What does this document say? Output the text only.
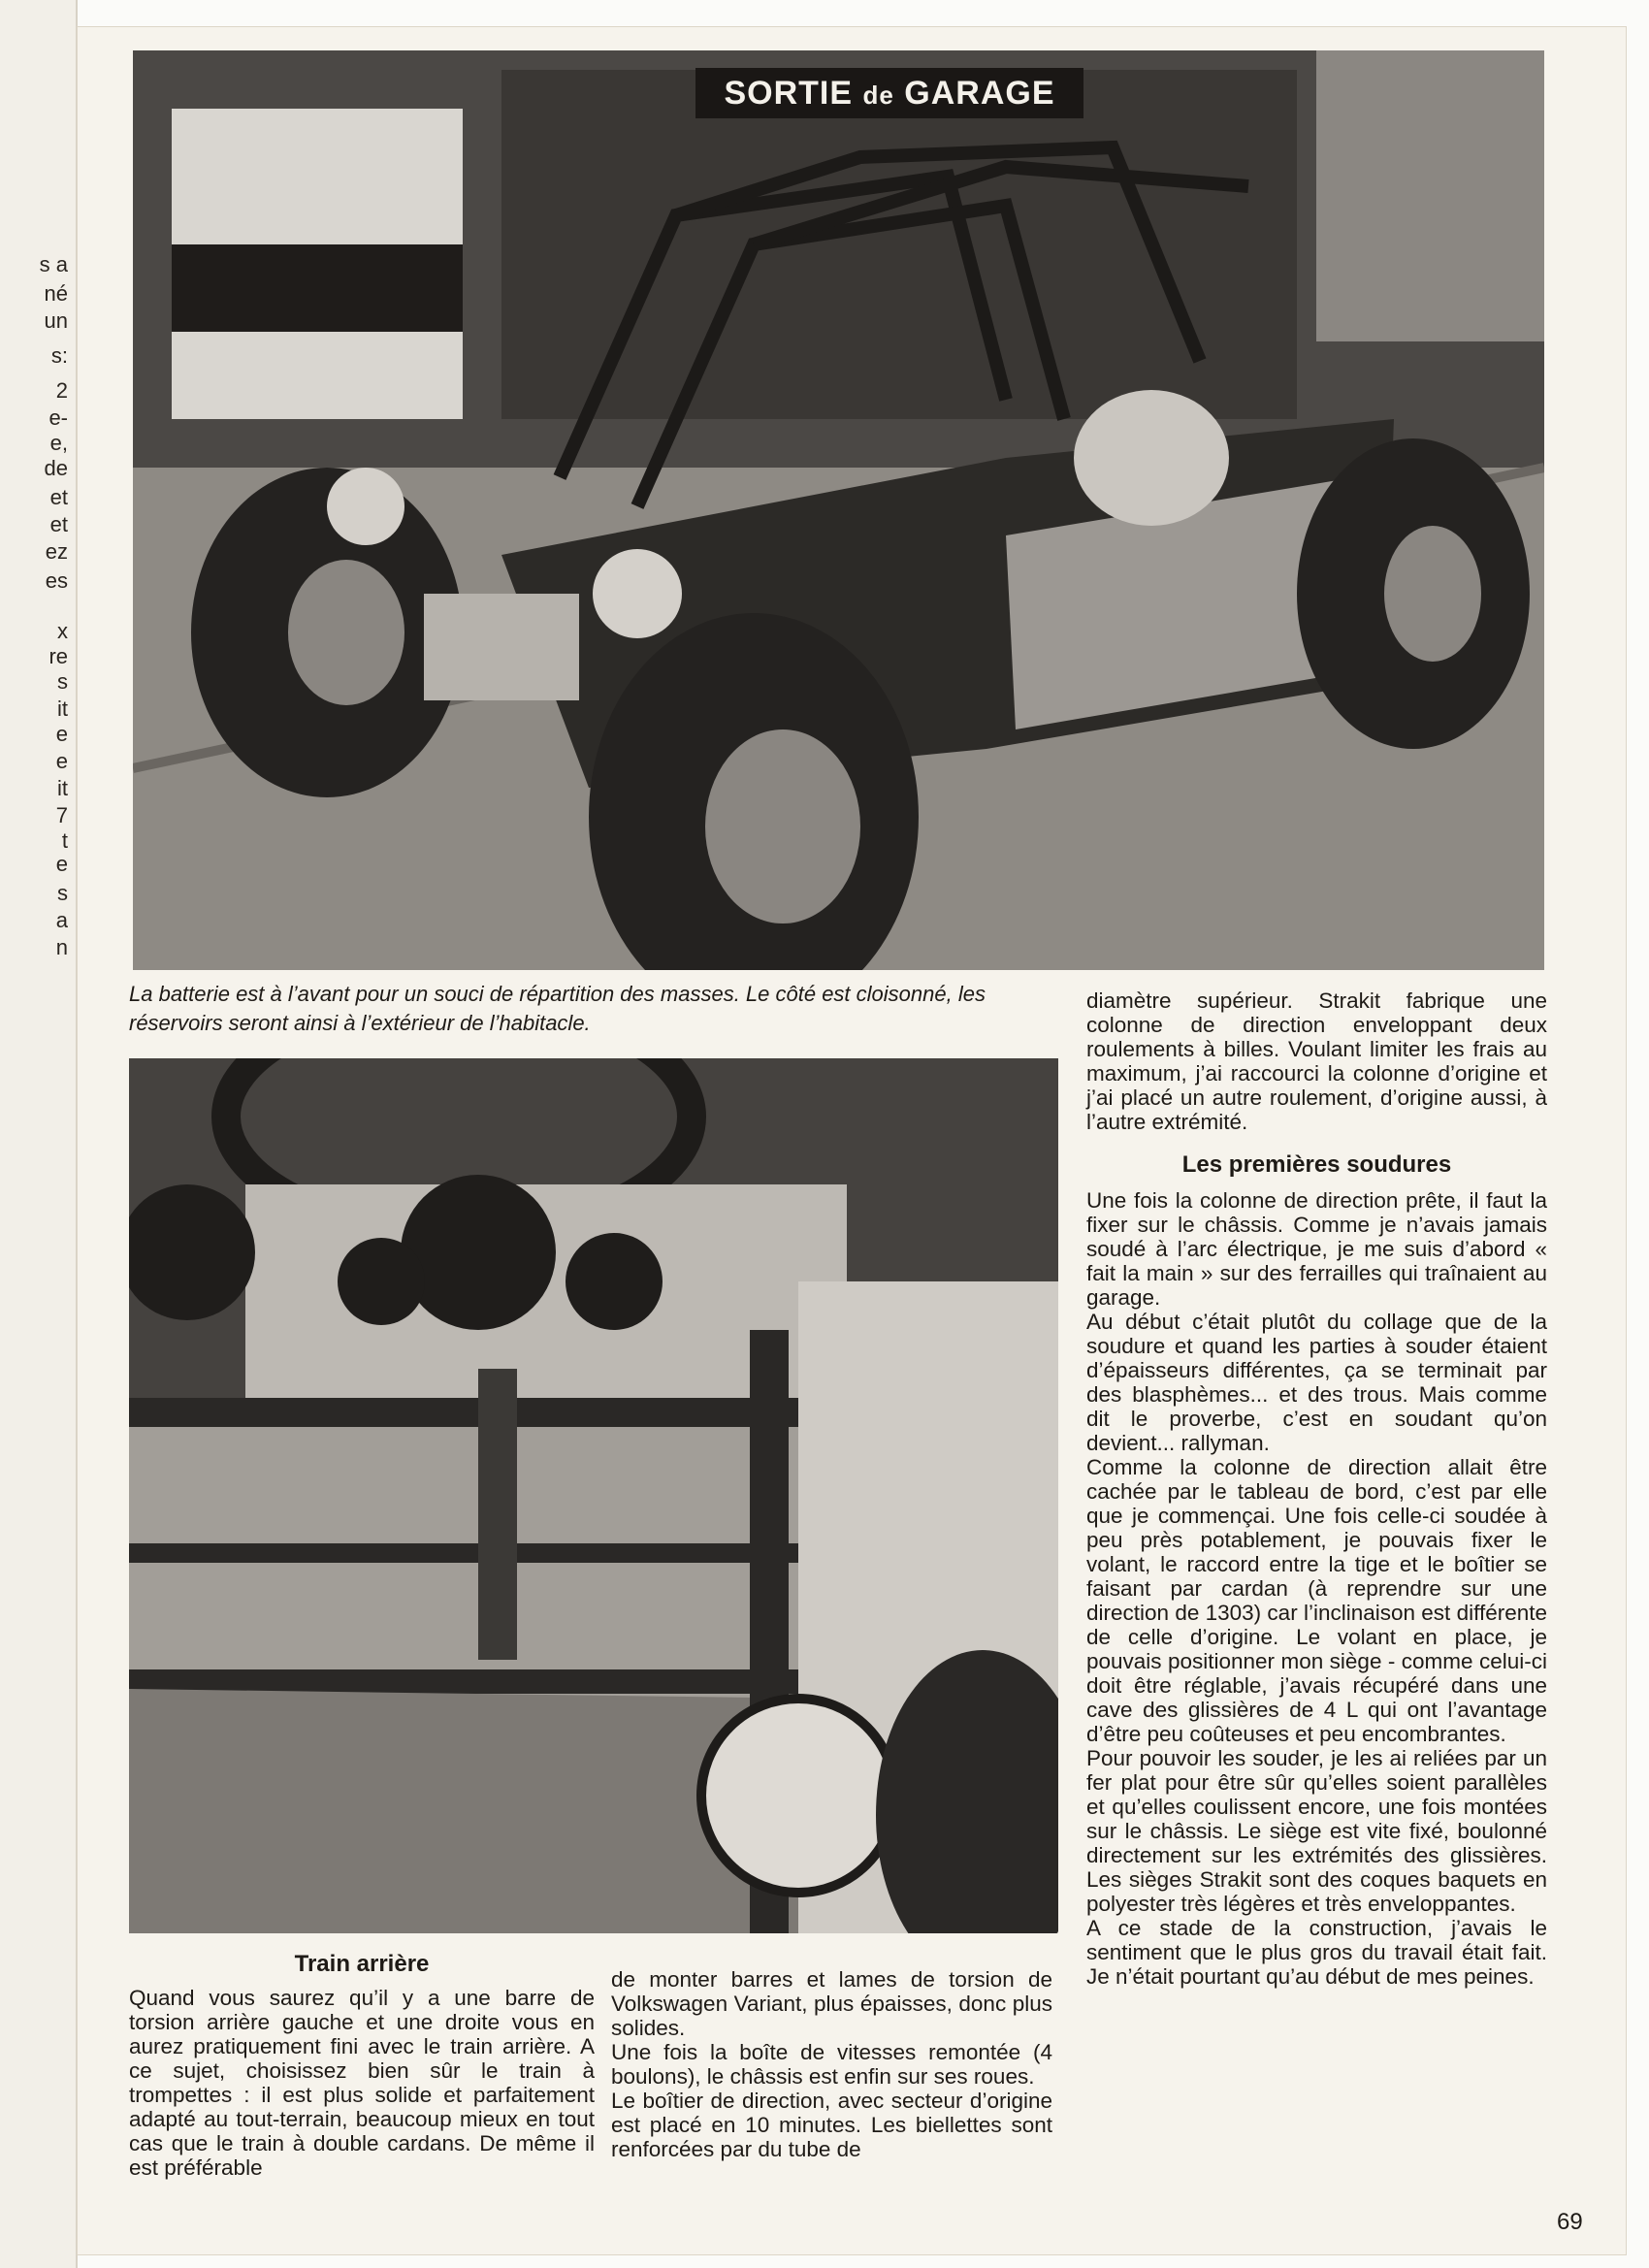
s a
né
un
s:
2
e-
e,
de
et
et
ez
es
x
re
s
it
e
e
it
7
t
e
s
a
n
SORTIE de GARAGE
La batterie est à l’avant pour un souci de répartition des masses. Le côté est cloisonné, les réservoirs seront ainsi à l’extérieur de l’habitacle.
Train arrière

Quand vous saurez qu’il y a une barre de torsion arrière gauche et une droite vous en aurez pratiquement fini avec le train arrière. A ce sujet, choisissez bien sûr le train à trompettes : il est plus solide et parfaitement adapté au tout-terrain, beaucoup mieux en tout cas que le train à double cardans. De même il est préférable

de monter barres et lames de torsion de Volkswagen Variant, plus épaisses, donc plus solides.

Une fois la boîte de vitesses remontée (4 boulons), le châssis est enfin sur ses roues.

Le boîtier de direction, avec secteur d’origine est placé en 10 minutes. Les biellettes sont renforcées par du tube de

diamètre supérieur. Strakit fabrique une colonne de direction enveloppant deux roulements à billes. Voulant limiter les frais au maximum, j’ai raccourci la colonne d’origine et j’ai placé un autre roulement, d’origine aussi, à l’autre extrémité.

Les premières soudures

Une fois la colonne de direction prête, il faut la fixer sur le châssis. Comme je n’avais jamais soudé à l’arc électrique, je me suis d’abord « fait la main » sur des ferrailles qui traînaient au garage.

Au début c’était plutôt du collage que de la soudure et quand les parties à souder étaient d’épaisseurs différentes, ça se terminait par des blasphèmes... et des trous. Mais comme dit le proverbe, c’est en soudant qu’on devient... rallyman.

Comme la colonne de direction allait être cachée par le tableau de bord, c’est par elle que je commençai. Une fois celle-ci soudée à peu près potablement, je pouvais fixer le volant, le raccord entre la tige et le boîtier se faisant par cardan (à reprendre sur une direction de 1303) car l’inclinaison est différente de celle d’origine. Le volant en place, je pouvais positionner mon siège - comme celui-ci doit être réglable, j’avais récupéré dans une cave des glissières de 4 L qui ont l’avantage d’être peu coûteuses et peu encombrantes.

Pour pouvoir les souder, je les ai reliées par un fer plat pour être sûr qu’elles soient parallèles et qu’elles coulissent encore, une fois montées sur le châssis. Le siège est vite fixé, boulonné directement sur les extrémités des glissières. Les sièges Strakit sont des coques baquets en polyester très légères et très enveloppantes.

A ce stade de la construction, j’avais le sentiment que le plus gros du travail était fait. Je n’était pourtant qu’au début de mes peines.

69
